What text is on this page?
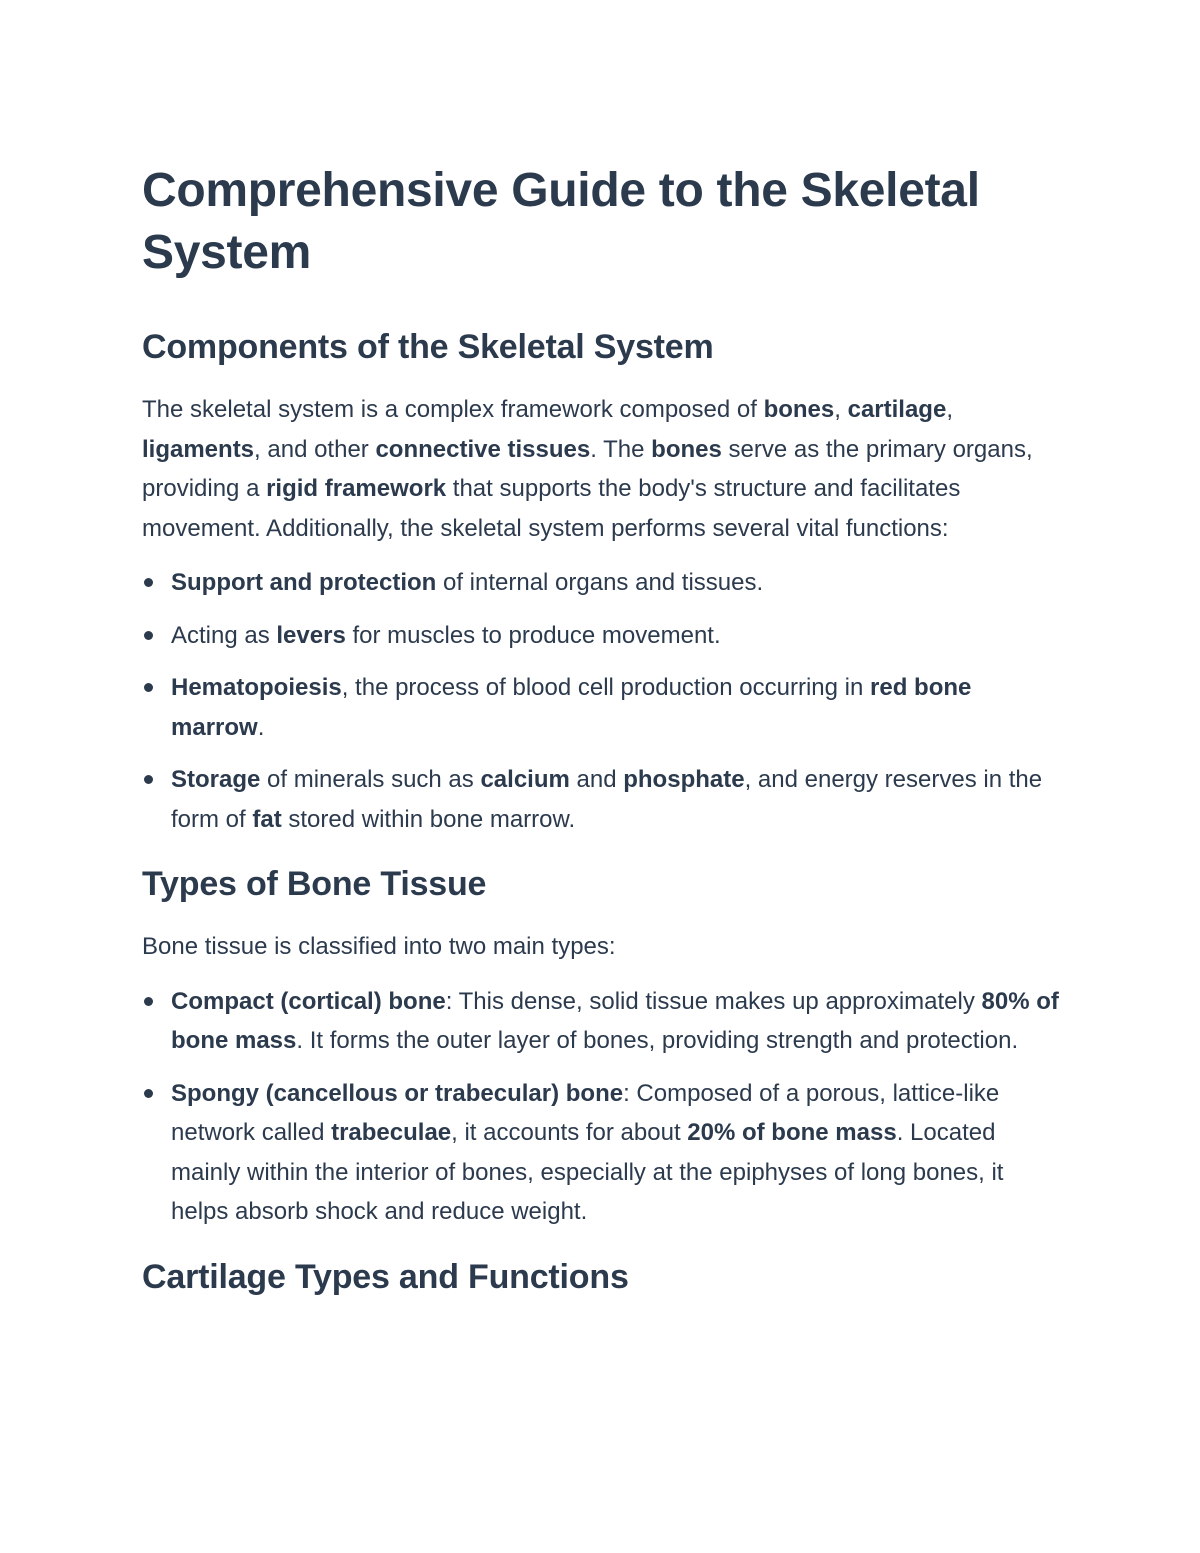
Comprehensive Guide to the Skeletal System
Components of the Skeletal System

The skeletal system is a complex framework composed of bones, cartilage, ligaments, and other connective tissues. The bones serve as the primary organs, providing a rigid framework that supports the body's structure and facilitates movement. Additionally, the skeletal system performs several vital functions:

Support and protection of internal organs and tissues.
Acting as levers for muscles to produce movement.
Hematopoiesis, the process of blood cell production occurring in red bone marrow.
Storage of minerals such as calcium and phosphate, and energy reserves in the form of fat stored within bone marrow.
Types of Bone Tissue

Bone tissue is classified into two main types:

Compact (cortical) bone: This dense, solid tissue makes up approximately 80% of bone mass. It forms the outer layer of bones, providing strength and protection.
Spongy (cancellous or trabecular) bone: Composed of a porous, lattice-like network called trabeculae, it accounts for about 20% of bone mass. Located mainly within the interior of bones, especially at the epiphyses of long bones, it helps absorb shock and reduce weight.
Cartilage Types and Functions
